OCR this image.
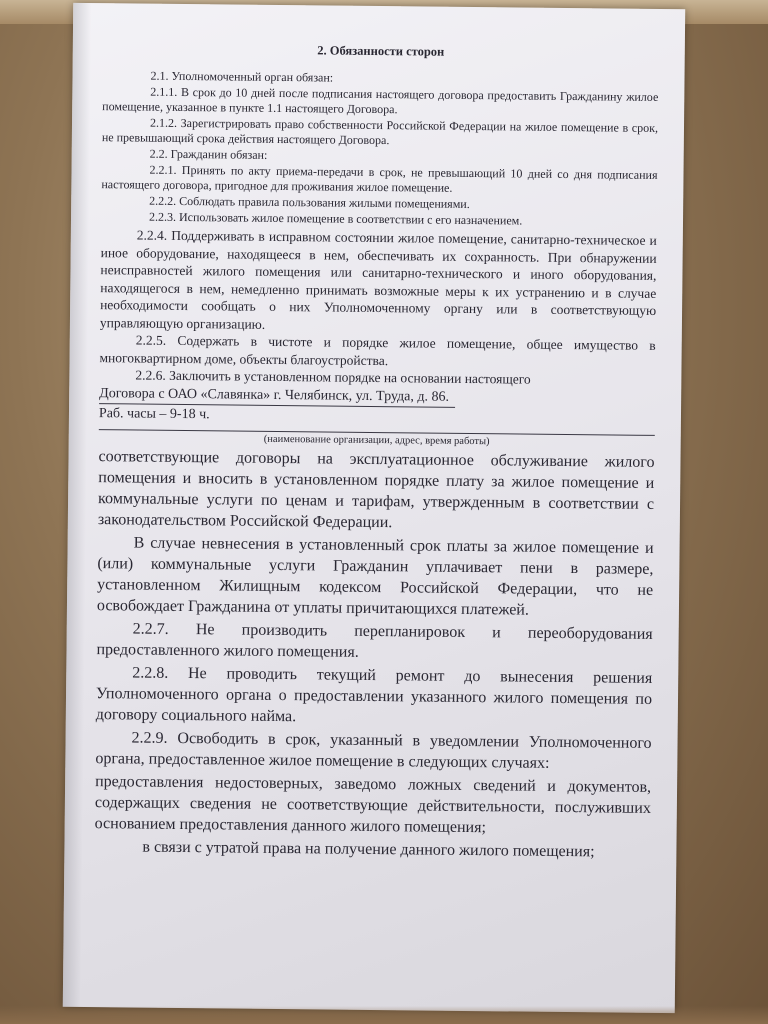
2. Обязанности сторон

2.1. Уполномоченный орган обязан:

2.1.1. В срок до 10 дней после подписания настоящего договора предоставить Гражданину жилое помещение, указанное в пункте 1.1 настоящего Договора.

2.1.2. Зарегистрировать право собственности Российской Федерации на жилое помещение в срок, не превышающий срока действия настоящего Договора.

2.2. Гражданин обязан:

2.2.1. Принять по акту приема-передачи в срок, не превышающий 10 дней со дня подписания настоящего договора, пригодное для проживания жилое помещение.

2.2.2. Соблюдать правила пользования жилыми помещениями.

2.2.3. Использовать жилое помещение в соответствии с его назначением.

2.2.4. Поддерживать в исправном состоянии жилое помещение, санитарно-техническое и иное оборудование, находящееся в нем, обеспечивать их сохранность. При обнаружении неисправностей жилого помещения или санитарно-технического и иного оборудования, находящегося в нем, немедленно принимать возможные меры к их устранению и в случае необходимости сообщать о них Уполномоченному органу или в соответствующую управляющую организацию.

2.2.5. Содержать в чистоте и порядке жилое помещение, общее имущество в многоквартирном доме, объекты благоустройства.

2.2.6. Заключить в установленном порядке на основании настоящего

Договора с ОАО «Славянка» г. Челябинск, ул. Труда, д. 86.
Раб. часы – 9-18 ч.
(наименование организации, адрес, время работы)

соответствующие договоры на эксплуатационное обслуживание жилого помещения и вносить в установленном порядке плату за жилое помещение и коммунальные услуги по ценам и тарифам, утвержденным в соответствии с законодательством Российской Федерации.

В случае невнесения в установленный срок платы за жилое помещение и (или) коммунальные услуги Гражданин уплачивает пени в размере, установленном Жилищным кодексом Российской Федерации, что не освобождает Гражданина от уплаты причитающихся платежей.

2.2.7. Не производить перепланировок и переоборудования предоставленного жилого помещения.

2.2.8. Не проводить текущий ремонт до вынесения решения Уполномоченного органа о предоставлении указанного жилого помещения по договору социального найма.

2.2.9. Освободить в срок, указанный в уведомлении Уполномоченного органа, предоставленное жилое помещение в следующих случаях:

предоставления недостоверных, заведомо ложных сведений и документов, содержащих сведения не соответствующие действительности, послуживших основанием предоставления данного жилого помещения;

в связи с утратой права на получение данного жилого помещения;
